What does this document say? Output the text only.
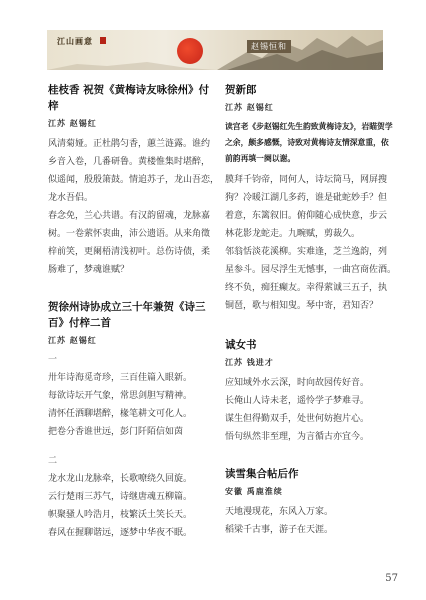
江山画意
赵锡恒和

桂枝香 祝贺《黄梅诗友咏徐州》付梓

江苏 赵锡红

风清菊娅。正杜鹃匀香，蕙兰涟露。谁约

乡音入卷，几番研鲁。黄楼惟集时堪醉，

似遥闻，殷殷箫鼓。情追苏子，龙山吾恋，

龙水吾侣。

春念免，兰心共谱。有汉韵留魂，龙脉嘉

树。一卷萦怀衷曲，沛公遗语。从来角徵

梓前笑，更阑梧清浅初叶。总伤诗债，柔

肠难了，梦魂谁赋？

贺徐州诗协成立三十年兼贺《诗三百》付梓二首

江苏 赵锡红

一

卅年诗海觅奇珍，三百佳篇入眼新。

每欲诗坛开气象，常思剑胆写精神。

清怀任洒聊堪醉，椽笔耕文可化人。

把卷分香谁世远，彭门阡陌信如茵

二

龙水龙山龙脉牵，长歌嘹绕久回旋。

云行楚雨三苏气，诗继唐魂五柳篇。

帜聚骚人吟浩月，枝繁沃土笑长天。

春风在握聊谐远，逐梦中华夜不眠。

贺新郎

江苏 赵锡红

读宫老《步赵锡红先生韵致黄梅诗友》，岩瞄贺学之余，颇多感慨，诗致对黄梅诗友情深意重，依前韵再填一阕以谢。

膜拜千钧帝，同何人，诗坛筒马，网屏搜

狗？冷暖江湖几多药，谁是砒蛇妙手？但

着意，东篱叙旧。俯仰随心成快意，步云

林花影龙蛇走。九畹赋，剪裁久。

邻翁恬淡花溪柳。实难逢，芝兰逸韵，列

星参斗。园尽浮生无憾事，一曲宫商佐酒。

终不负，痴狂癫友。幸得萦诚三五子，执

铜琶，歌与相知叟。琴中寄，君知否？

诚女书

江苏 钱进才

应知域外水云深，时向故园传好音。

长俺山人诗未老，遥怜学子梦难寻。

谋生但得勤双手，处世何妨抱片心。

悟句纵然非至理，为言循古亦宜今。

读雪集合帖后作

安徽 禹鹿淮续

天地漫现花，东风入万家。

稻梁千古事，游子在天涯。

57
